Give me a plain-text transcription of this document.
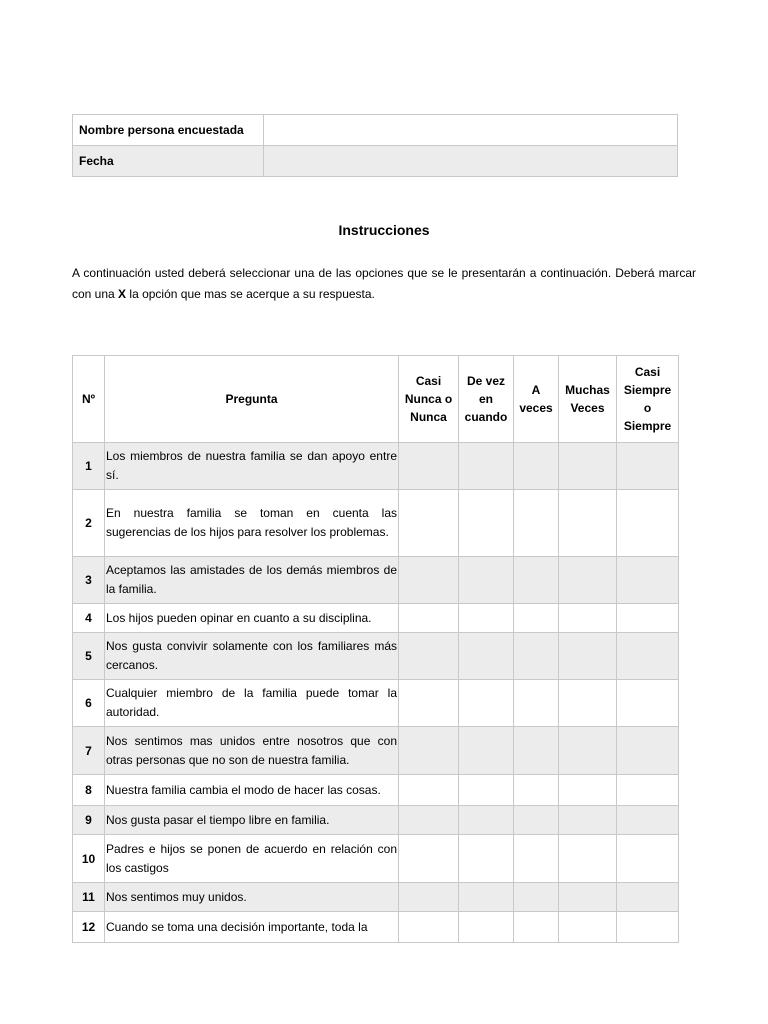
Nombre persona encuestada	
Fecha	
Instrucciones

A continuación usted deberá seleccionar una de las opciones que se le presentarán a continuación. Deberá marcar con una X la opción que mas se acerque a su respuesta.

Nº	Pregunta	Casi Nunca o Nunca	De vez en cuando	A veces	Muchas Veces	Casi Siempre o Siempre
1	Los miembros de nuestra familia se dan apoyo entre sí.					
2	En nuestra familia se toman en cuenta las sugerencias de los hijos para resolver los problemas.					
3	Aceptamos las amistades de los demás miembros de la familia.					
4	Los hijos pueden opinar en cuanto a su disciplina.					
5	Nos gusta convivir solamente con los familiares más cercanos.					
6	Cualquier miembro de la familia puede tomar la autoridad.					
7	Nos sentimos mas unidos entre nosotros que con otras personas que no son de nuestra familia.					
8	Nuestra familia cambia el modo de hacer las cosas.					
9	Nos gusta pasar el tiempo libre en familia.					
10	Padres e hijos se ponen de acuerdo en relación con los castigos					
11	Nos sentimos muy unidos.					
12	Cuando se toma una decisión importante, toda la					
